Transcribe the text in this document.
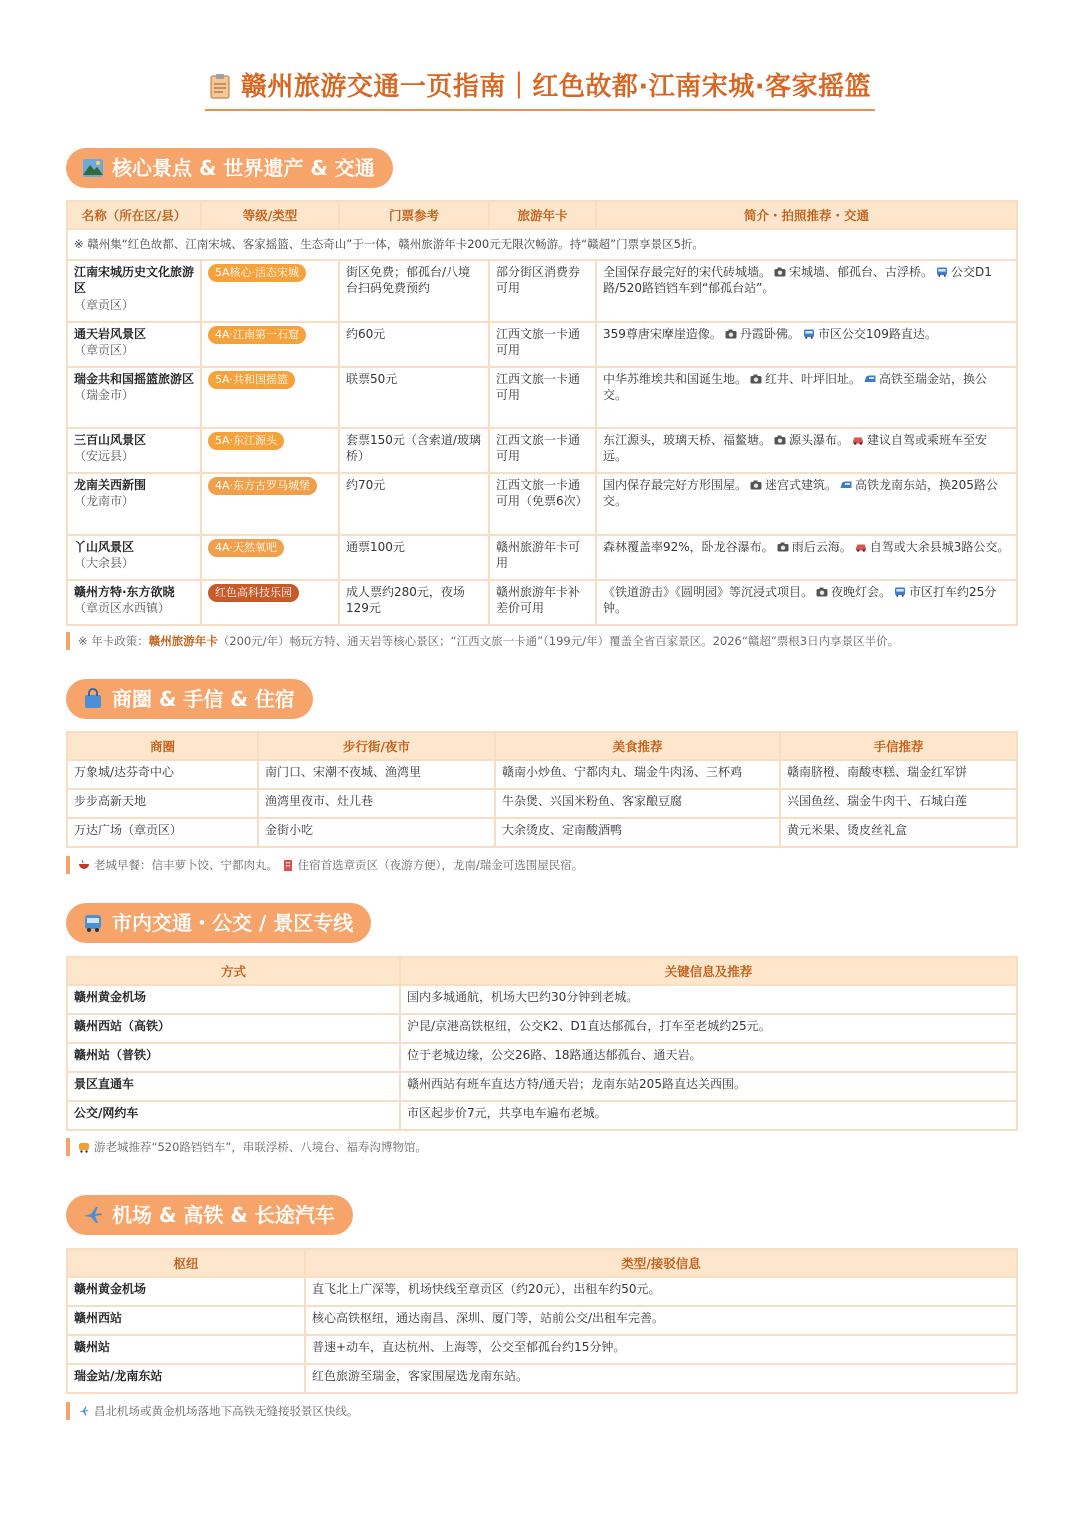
赣州旅游交通一页指南｜红色故都·江南宋城·客家摇篮
核心景点 & 世界遗产 & 交通
名称（所在区/县）	等级/类型	门票参考	旅游年卡	简介・拍照推荐・交通
※ 赣州集“红色故都、江南宋城、客家摇篮、生态奇山”于一体，赣州旅游年卡200元无限次畅游。持“赣超”门票享景区5折。				

江南宋城历史文化旅游区
（章贡区）	5A核心·活态宋城	街区免费；郁孤台/八境台扫码免费预约	部分街区消费券可用	全国保存最完好的宋代砖城墙。 宋城墙、郁孤台、古浮桥。 公交D1路/520路铛铛车到“郁孤台站”。

通天岩风景区
（章贡区）	4A·江南第一石窟	约60元	江西文旅一卡通可用	359尊唐宋摩崖造像。 丹霞卧佛。 市区公交109路直达。

瑞金共和国摇篮旅游区
（瑞金市）	5A·共和国摇篮	联票50元	江西文旅一卡通可用	中华苏维埃共和国诞生地。 红井、叶坪旧址。 高铁至瑞金站，换公交。

三百山风景区
（安远县）	5A·东江源头	套票150元（含索道/玻璃桥）	江西文旅一卡通可用	东江源头，玻璃天桥、福鳌塘。 源头瀑布。 建议自驾或乘班车至安远。

龙南关西新围
（龙南市）	4A·东方古罗马城堡	约70元	江西文旅一卡通可用（免票6次）	国内保存最完好方形围屋。 迷宫式建筑。 高铁龙南东站，换205路公交。

丫山风景区
（大余县）	4A·天然氧吧	通票100元	赣州旅游年卡可用	森林覆盖率92%，卧龙谷瀑布。 雨后云海。 自驾或大余县城3路公交。

赣州方特·东方欲晓
（章贡区水西镇）	红色高科技乐园	成人票约280元，夜场129元	赣州旅游年卡补差价可用	《铁道游击》《圆明园》等沉浸式项目。 夜晚灯会。 市区打车约25分钟。
※ 年卡政策：赣州旅游年卡（200元/年）畅玩方特、通天岩等核心景区；“江西文旅一卡通”（199元/年）覆盖全省百家景区。2026“赣超”票根3日内享景区半价。
商圈 & 手信 & 住宿
商圈	步行街/夜市	美食推荐	手信推荐
万象城/达芬奇中心	南门口、宋潮不夜城、渔湾里	赣南小炒鱼、宁都肉丸、瑞金牛肉汤、三杯鸡	赣南脐橙、南酸枣糕、瑞金红军饼
步步高新天地	渔湾里夜市、灶儿巷	牛杂煲、兴国米粉鱼、客家酿豆腐	兴国鱼丝、瑞金牛肉干、石城白莲
万达广场（章贡区）	金街小吃	大余烫皮、定南酸酒鸭	黄元米果、烫皮丝礼盒
老城早餐：信丰萝卜饺、宁都肉丸。 住宿首选章贡区（夜游方便），龙南/瑞金可选围屋民宿。
市内交通・公交 / 景区专线
方式	关键信息及推荐
赣州黄金机场	国内多城通航，机场大巴约30分钟到老城。
赣州西站（高铁）	沪昆/京港高铁枢纽，公交K2、D1直达郁孤台，打车至老城约25元。
赣州站（普铁）	位于老城边缘，公交26路、18路通达郁孤台、通天岩。
景区直通车	赣州西站有班车直达方特/通天岩；龙南东站205路直达关西围。
公交/网约车	市区起步价7元，共享电车遍布老城。
游老城推荐“520路铛铛车”，串联浮桥、八境台、福寿沟博物馆。
机场 & 高铁 & 长途汽车
枢纽	类型/接驳信息
赣州黄金机场	直飞北上广深等，机场快线至章贡区（约20元），出租车约50元。
赣州西站	核心高铁枢纽，通达南昌、深圳、厦门等，站前公交/出租车完善。
赣州站	普速+动车，直达杭州、上海等，公交至郁孤台约15分钟。
瑞金站/龙南东站	红色旅游至瑞金，客家围屋选龙南东站。
昌北机场或黄金机场落地下高铁无缝接驳景区快线。
